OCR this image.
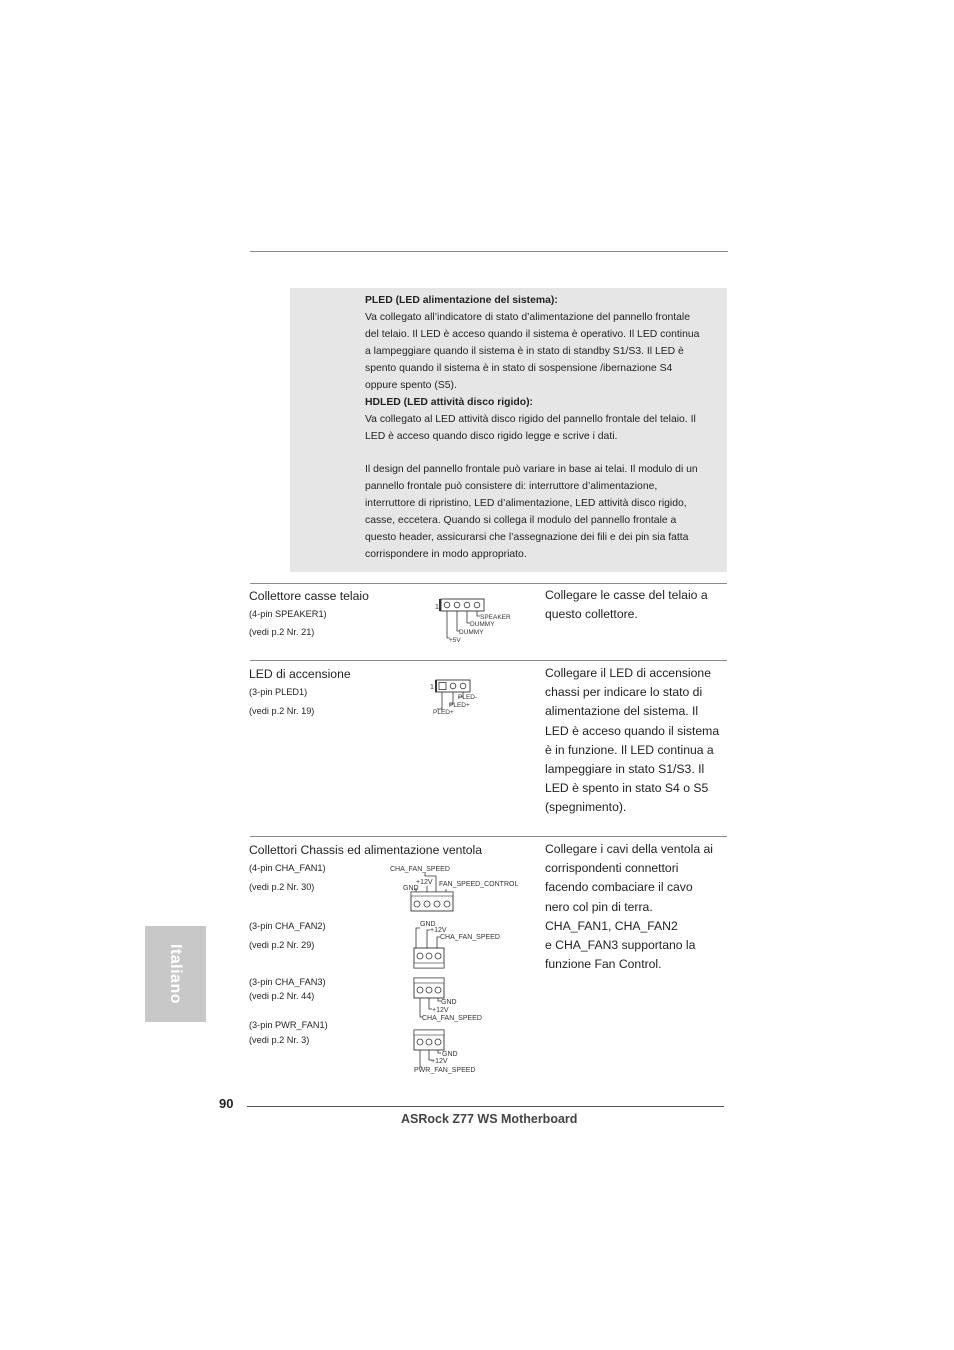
PLED (LED alimentazione del sistema):
Va collegato all’indicatore di stato d’alimentazione del pannello frontale
del telaio. Il LED è acceso quando il sistema è operativo. Il LED continua
a lampeggiare quando il sistema è in stato di standby S1/S3. Il LED è
spento quando il sistema è in stato di sospensione /ibernazione S4
oppure spento (S5).
HDLED (LED attività disco rigido):
Va collegato al LED attività disco rigido del pannello frontale del telaio. Il
LED è acceso quando disco rigido legge e scrive i dati.
Il design del pannello frontale può variare in base ai telai. Il modulo di un
pannello frontale può consistere di: interruttore d’alimentazione,
interruttore di ripristino, LED d’alimentazione, LED attività disco rigido,
casse, eccetera. Quando si collega il modulo del pannello frontale a
questo header, assicurarsi che l’assegnazione dei fili e dei pin sia fatta
corrispondere in modo appropriato.
Collettore casse telaio
(4-pin SPEAKER1)
(vedi p.2 Nr. 21)
1
SPEAKER
DUMMY
DUMMY
+5V
Collegare le casse del telaio a
questo collettore.
LED di accensione
(3-pin PLED1)
(vedi p.2 Nr. 19)
1
PLED-
PLED+
PLED+
Collegare il LED di accensione
chassi per indicare lo stato di
alimentazione del sistema. Il
LED è acceso quando il sistema
è in funzione. Il LED continua a
lampeggiare in stato S1/S3. Il
LED è spento in stato S4 o S5
(spegnimento).
Collettori Chassis ed alimentazione ventola
(4-pin CHA_FAN1)
(vedi p.2 Nr. 30)
(3-pin CHA_FAN2)
(vedi p.2 Nr. 29)
(3-pin CHA_FAN3)
(vedi p.2 Nr. 44)
(3-pin PWR_FAN1)
(vedi p.2 Nr. 3)
CHA_FAN_SPEED
+12V
GND
FAN_SPEED_CONTROL
GND
+12V
CHA_FAN_SPEED
GND
+12V
CHA_FAN_SPEED
GND
+12V
PWR_FAN_SPEED
Collegare i cavi della ventola ai
corrispondenti connettori
facendo combaciare il cavo
nero col pin di terra.
CHA_FAN1, CHA_FAN2
e CHA_FAN3 supportano la
funzione Fan Control.
Italiano
90
ASRock Z77 WS Motherboard
